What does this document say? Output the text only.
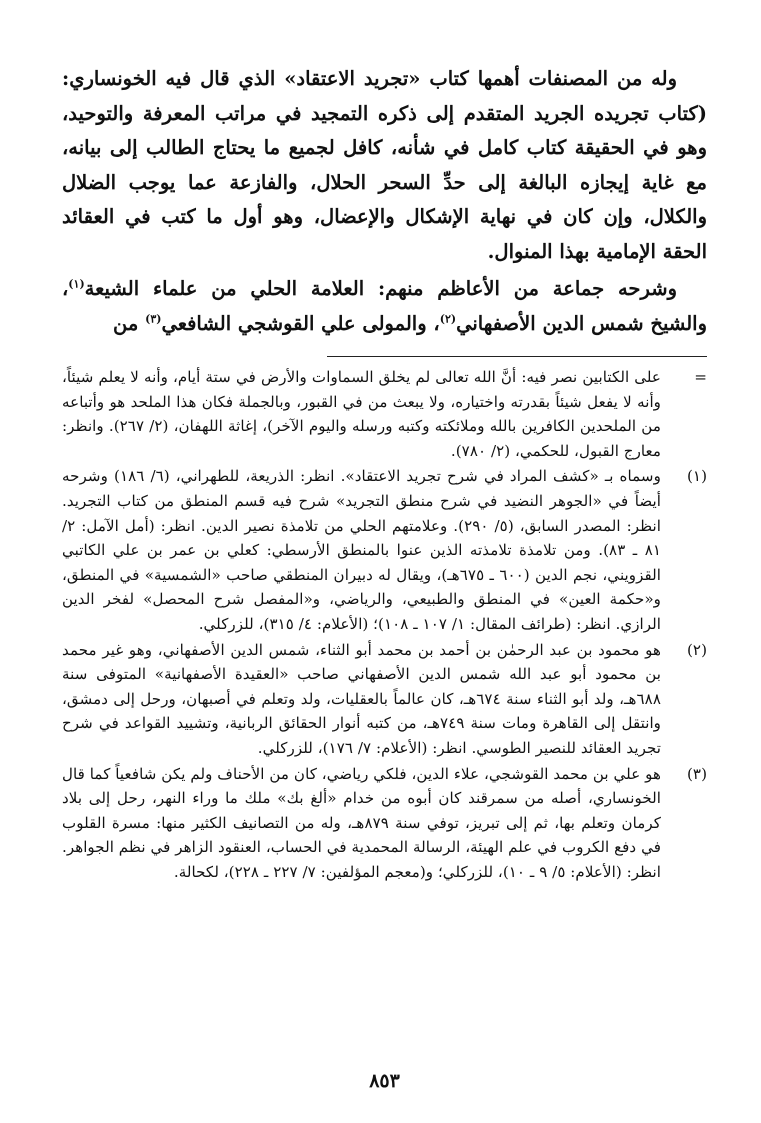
وله من المصنفات أهمها كتاب «تجريد الاعتقاد» الذي قال فيه الخونساري: (كتاب تجريده الجريد المتقدم إلى ذكره التمجيد في مراتب المعرفة والتوحيد، وهو في الحقيقة كتاب كامل في شأنه، كافل لجميع ما يحتاج الطالب إلى بيانه، مع غاية إيجازه البالغة إلى حدِّ السحر الحلال، والفازعة عما يوجب الضلال والكلال، وإن كان في نهاية الإشكال والإعضال، وهو أول ما كتب في العقائد الحقة الإمامية بهذا المنوال.

وشرحه جماعة من الأعاظم منهم: العلامة الحلي من علماء الشيعة$^{(١)}$، والشيخ شمس الدين الأصفهاني$^{(٢)}$، والمولى علي القوشجي الشافعي$^{(٣)}$ من

=
على الكتابين نصر فيه: أنَّ الله تعالى لم يخلق السماوات والأرض في ستة أيام، وأنه لا يعلم شيئاً، وأنه لا يفعل شيئاً بقدرته واختياره، ولا يبعث من في القبور، وبالجملة فكان هذا الملحد هو وأتباعه من الملحدين الكافرين بالله وملائكته وكتبه ورسله واليوم الآخر)، إغاثة اللهفان، (٢/ ٢٦٧). وانظر: معارج القبول، للحكمي، (٢/ ٧٨٠).
(١)
وسماه بـ «كشف المراد في شرح تجريد الاعتقاد». انظر: الذريعة، للطهراني، (٦/ ١٨٦) وشرحه أيضاً في «الجوهر النضيد في شرح منطق التجريد» شرح فيه قسم المنطق من كتاب التجريد. انظر: المصدر السابق، (٥/ ٢٩٠). وعلامتهم الحلي من تلامذة نصير الدين. انظر: (أمل الآمل: ٢/ ٨١ ـ ٨٣). ومن تلامذة تلامذته الذين عنوا بالمنطق الأرسطي: كعلي بن عمر بن علي الكاتبي القزويني، نجم الدين (٦٠٠ ـ ٦٧٥هـ)، ويقال له دبيران المنطقي صاحب «الشمسية» في المنطق، و«حكمة العين» في المنطق والطبيعي، والرياضي، و«المفصل شرح المحصل» لفخر الدين الرازي. انظر: (طرائف المقال: ١/ ١٠٧ ـ ١٠٨)؛ (الأعلام: ٤/ ٣١٥)، للزركلي.
(٢)
هو محمود بن عبد الرحمٰن بن أحمد بن محمد أبو الثناء، شمس الدين الأصفهاني، وهو غير محمد بن محمود أبو عبد الله شمس الدين الأصفهاني صاحب «العقيدة الأصفهانية» المتوفى سنة ٦٨٨هـ، ولد أبو الثناء سنة ٦٧٤هـ، كان عالماً بالعقليات، ولد وتعلم في أصبهان، ورحل إلى دمشق، وانتقل إلى القاهرة ومات سنة ٧٤٩هـ، من كتبه أنوار الحقائق الربانية، وتشييد القواعد في شرح تجريد العقائد للنصير الطوسي. انظر: (الأعلام: ٧/ ١٧٦)، للزركلي.
(٣)
هو علي بن محمد القوشجي، علاء الدين، فلكي رياضي، كان من الأحناف ولم يكن شافعياً كما قال الخونساري، أصله من سمرقند كان أبوه من خدام «ألغ بك» ملك ما وراء النهر، رحل إلى بلاد كرمان وتعلم بها، ثم إلى تبريز، توفي سنة ٨٧٩هـ، وله من التصانيف الكثير منها: مسرة القلوب في دفع الكروب في علم الهيئة، الرسالة المحمدية في الحساب، العنقود الزاهر في نظم الجواهر. انظر: (الأعلام: ٥/ ٩ ـ ١٠)، للزركلي؛ و(معجم المؤلفين: ٧/ ٢٢٧ ـ ٢٢٨)، لكحالة.
٨٥٣
